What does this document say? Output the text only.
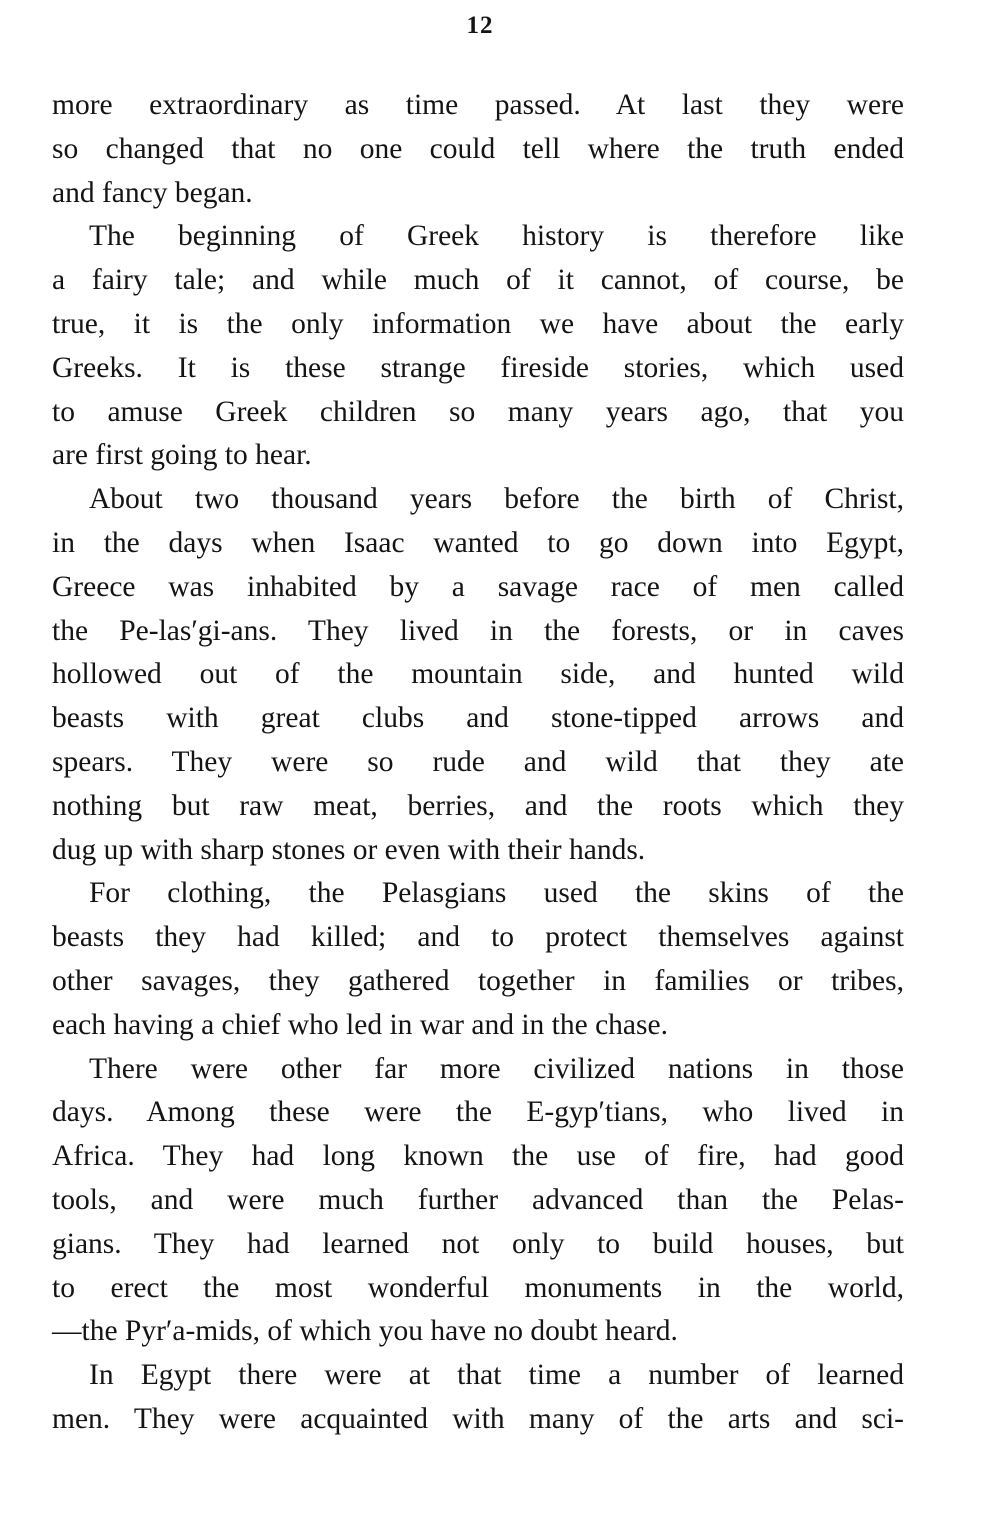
12
more extraordinary as time passed. At last they were
so changed that no one could tell where the truth ended
and fancy began.
The beginning of Greek history is therefore like
a fairy tale; and while much of it cannot, of course, be
true, it is the only information we have about the early
Greeks. It is these strange fireside stories, which used
to amuse Greek children so many years ago, that you
are first going to hear.
About two thousand years before the birth of Christ,
in the days when Isaac wanted to go down into Egypt,
Greece was inhabited by a savage race of men called
the Pe-las′gi-ans. They lived in the forests, or in caves
hollowed out of the mountain side, and hunted wild
beasts with great clubs and stone-tipped arrows and
spears. They were so rude and wild that they ate
nothing but raw meat, berries, and the roots which they
dug up with sharp stones or even with their hands.
For clothing, the Pelasgians used the skins of the
beasts they had killed; and to protect themselves against
other savages, they gathered together in families or tribes,
each having a chief who led in war and in the chase.
There were other far more civilized nations in those
days. Among these were the E-gyp′tians, who lived in
Africa. They had long known the use of fire, had good
tools, and were much further advanced than the Pelas-
gians. They had learned not only to build houses, but
to erect the most wonderful monuments in the world,
—the Pyr′a-mids, of which you have no doubt heard.
In Egypt there were at that time a number of learned
men. They were acquainted with many of the arts and sci-
